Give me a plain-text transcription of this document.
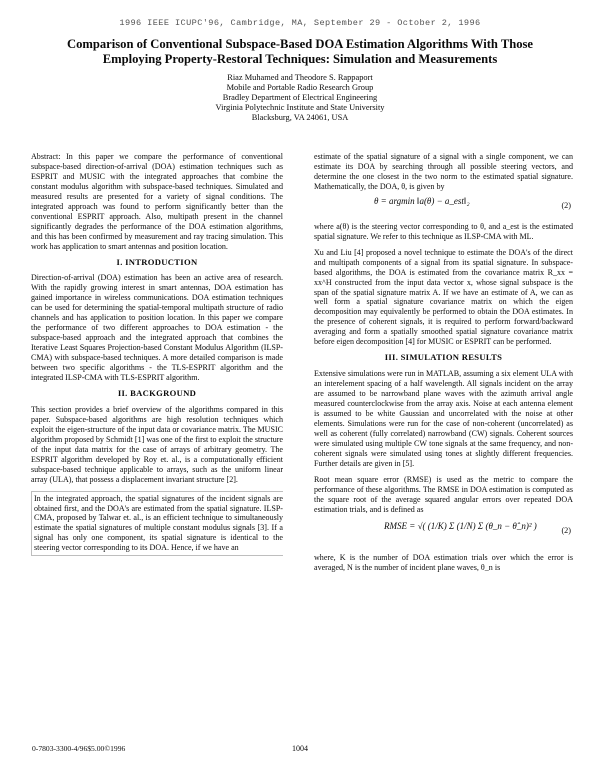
1996 IEEE ICUPC'96, Cambridge, MA, September 29 - October 2, 1996
Comparison of Conventional Subspace-Based DOA Estimation Algorithms With Those
Employing Property-Restoral Techniques: Simulation and Measurements
Riaz Muhamed and Theodore S. Rappaport
Mobile and Portable Radio Research Group
Bradley Department of Electrical Engineering
Virginia Polytechnic Institute and State University
Blacksburg, VA 24061, USA

Abstract: In this paper we compare the performance of conventional subspace-based direction-of-arrival (DOA) estimation techniques such as ESPRIT and MUSIC with the integrated approaches that combine the constant modulus algorithm with subspace-based techniques. Simulated and measured results are presented for a variety of signal conditions. The integrated approach was found to perform significantly better than the conventional ESPRIT approach. Also, multipath present in the channel significantly degrades the performance of the DOA estimation algorithms, and this has been confirmed by measurement and ray tracing simulation. This work has application to smart antennas and position location.

I. INTRODUCTION

Direction-of-arrival (DOA) estimation has been an active area of research. With the rapidly growing interest in smart antennas, DOA estimation has gained importance in wireless communications. DOA estimation techniques can be used for determining the spatial-temporal multipath structure of radio channels and has application to position location. In this paper we compare the performance of two different approaches to DOA estimation - the subspace-based approach and the integrated approach that combines the Iterative Least Squares Projection-based Constant Modulus Algorithm (ILSP-CMA) with subspace-based techniques. A more detailed comparison is made between two specific algorithms - the TLS-ESPRIT algorithm and the integrated ILSP-CMA with TLS-ESPRIT algorithm.

II. BACKGROUND

This section provides a brief overview of the algorithms compared in this paper. Subspace-based algorithms are high resolution techniques which exploit the eigen-structure of the input data or covariance matrix. The MUSIC algorithm proposed by Schmidt [1] was one of the first to exploit the structure of the input data matrix for the case of arrays of arbitrary geometry. The ESPRIT algorithm developed by Roy et. al., is a computationally efficient subspace-based technique applicable to arrays, such as the uniform linear array (ULA), that possess a displacement invariant structure [2].

In the integrated approach, the spatial signatures of the incident signals are obtained first, and the DOA's are estimated from the spatial signature. ILSP-CMA, proposed by Talwar et. al., is an efficient technique to simultaneously estimate the spatial signatures of multiple constant modulus signals [3]. If a signal has only one component, its spatial signature is identical to the steering vector corresponding to its DOA. Hence, if we have an

estimate of the spatial signature of a signal with a single component, we can estimate its DOA by searching through all possible steering vectors, and determine the one closest in the two norm to the estimated spatial signature. Mathematically, the DOA, θ, is given by

θ = argmin ‖a(θ) − a_est‖₂	(2)

where a(θ) is the steering vector corresponding to θ, and a_est is the estimated spatial signature. We refer to this technique as ILSP-CMA with ML.

Xu and Liu [4] proposed a novel technique to estimate the DOA's of the direct and multipath components of a signal from its spatial signature. In subspace-based algorithms, the DOA is estimated from the covariance matrix R_xx = xx^H constructed from the input data vector x, whose signal subspace is the span of the spatial signature matrix A. If we have an estimate of A, we can as well form a spatial signature covariance matrix on which the eigen decomposition may equivalently be performed to obtain the DOA estimates. In the presence of coherent signals, it is required to perform forward/backward averaging and form a spatially smoothed spatial signature covariance matrix before eigen decomposition [4] for MUSIC or ESPRIT can be performed.

III. SIMULATION RESULTS

Extensive simulations were run in MATLAB, assuming a six element ULA with an interelement spacing of a half wavelength. All signals incident on the array are assumed to be narrowband plane waves with the azimuth arrival angle measured counterclockwise from the array axis. Noise at each antenna element is assumed to be white Gaussian and uncorrelated with the noise at other elements. Simulations were run for the case of non-coherent (uncorrelated) as well as coherent (fully correlated) narrowband (CW) signals. Coherent sources were simulated using multiple CW tone signals at the same frequency, and non-coherent signals were simulated using tones at slightly different frequencies. Further details are given in [5].

Root mean square error (RMSE) is used as the metric to compare the performance of these algorithms. The RMSE in DOA estimation is computed as the square root of the average squared angular errors over repeated DOA estimation trials, and is defined as

RMSE = √( (1/K) Σ (1/N) Σ (θ_n − θ̂_n)² )	(2)

where, K is the number of DOA estimation trials over which the error is averaged, N is the number of incident plane waves, θ_n is

0-7803-3300-4/96$5.00©1996	1004
